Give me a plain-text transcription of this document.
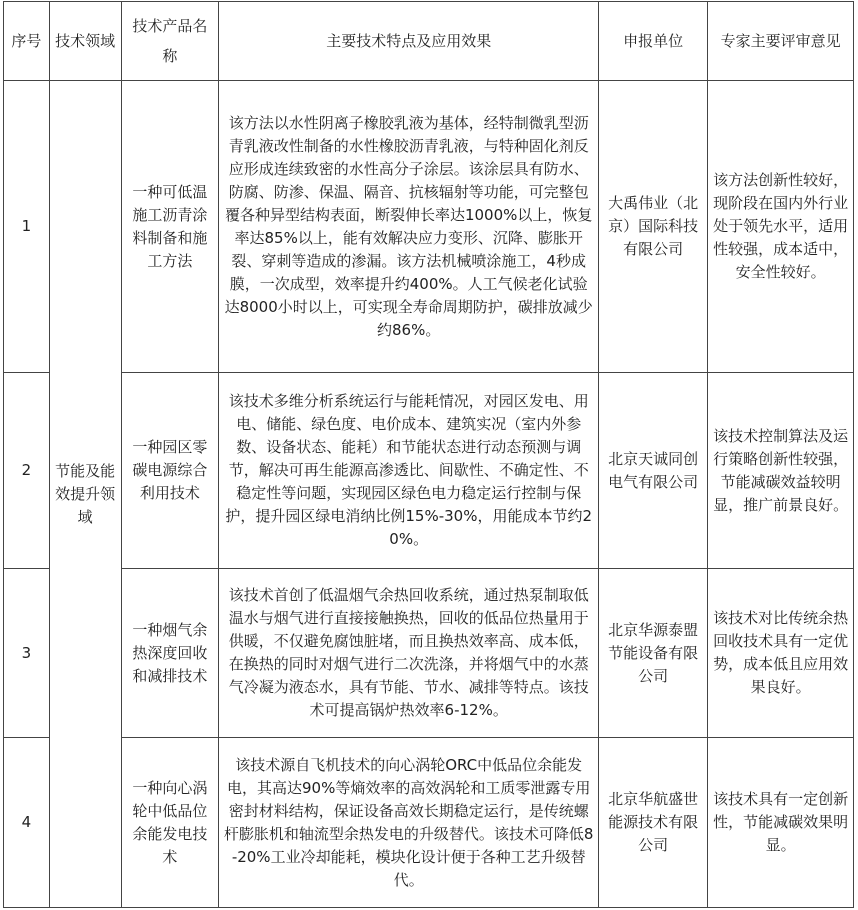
序号	技术领域	技术产品名称	主要技术特点及应用效果	申报单位	专家主要评审意见
1	节能及能效提升领域	一种可低温施工沥青涂料制备和施工方法	该方法以水性阴离子橡胶乳液为基体，经特制微乳型沥青乳液改性制备的水性橡胶沥青乳液，与特种固化剂反应形成连续致密的水性高分子涂层。该涂层具有防水、防腐、防渗、保温、隔音、抗核辐射等功能，可完整包覆各种异型结构表面，断裂伸长率达1000%以上，恢复率达85%以上，能有效解决应力变形、沉降、膨胀开裂、穿刺等造成的渗漏。该方法机械喷涂施工，4秒成膜，一次成型，效率提升约400%。人工气候老化试验达8000小时以上，可实现全寿命周期防护，碳排放减少约86%。	大禹伟业（北京）国际科技有限公司	该方法创新性较好，现阶段在国内外行业处于领先水平，适用性较强，成本适中，安全性较好。
2		一种园区零碳电源综合利用技术	该技术多维分析系统运行与能耗情况，对园区发电、用电、储能、绿色度、电价成本、建筑实况（室内外参数、设备状态、能耗）和节能状态进行动态预测与调节，解决可再生能源高渗透比、间歇性、不确定性、不稳定性等问题，实现园区绿色电力稳定运行控制与保护，提升园区绿电消纳比例15%-30%，用能成本节约20%。	北京天诚同创电气有限公司	该技术控制算法及运行策略创新性较强，节能减碳效益较明显，推广前景良好。
3		一种烟气余热深度回收和减排技术	该技术首创了低温烟气余热回收系统，通过热泵制取低温水与烟气进行直接接触换热，回收的低品位热量用于供暖，不仅避免腐蚀脏堵，而且换热效率高、成本低，在换热的同时对烟气进行二次洗涤，并将烟气中的水蒸气冷凝为液态水，具有节能、节水、减排等特点。该技术可提高锅炉热效率6-12%。	北京华源泰盟节能设备有限公司	该技术对比传统余热回收技术具有一定优势，成本低且应用效果良好。
4		一种向心涡轮中低品位余能发电技术	该技术源自飞机技术的向心涡轮ORC中低品位余能发电，其高达90%等熵效率的高效涡轮和工质零泄露专用密封材料结构，保证设备高效长期稳定运行，是传统螺杆膨胀机和轴流型余热发电的升级替代。该技术可降低8-20%工业冷却能耗，模块化设计便于各种工艺升级替代。	北京华航盛世能源技术有限公司	该技术具有一定创新性，节能减碳效果明显。
